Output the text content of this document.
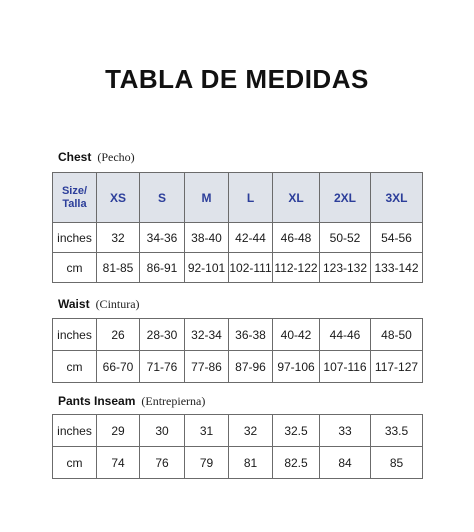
TABLA DE MEDIDAS
Chest (Pecho)
Size/
Talla	XS	S	M	L	XL	2XL	3XL
inches	32	34-36	38-40	42-44	46-48	50-52	54-56
cm	81-85	86-91	92-101	102-111	112-122	123-132	133-142
Waist (Cintura)
inches	26	28-30	32-34	36-38	40-42	44-46	48-50
cm	66-70	71-76	77-86	87-96	97-106	107-116	117-127
Pants Inseam (Entrepierna)
inches	29	30	31	32	32.5	33	33.5
cm	74	76	79	81	82.5	84	85
